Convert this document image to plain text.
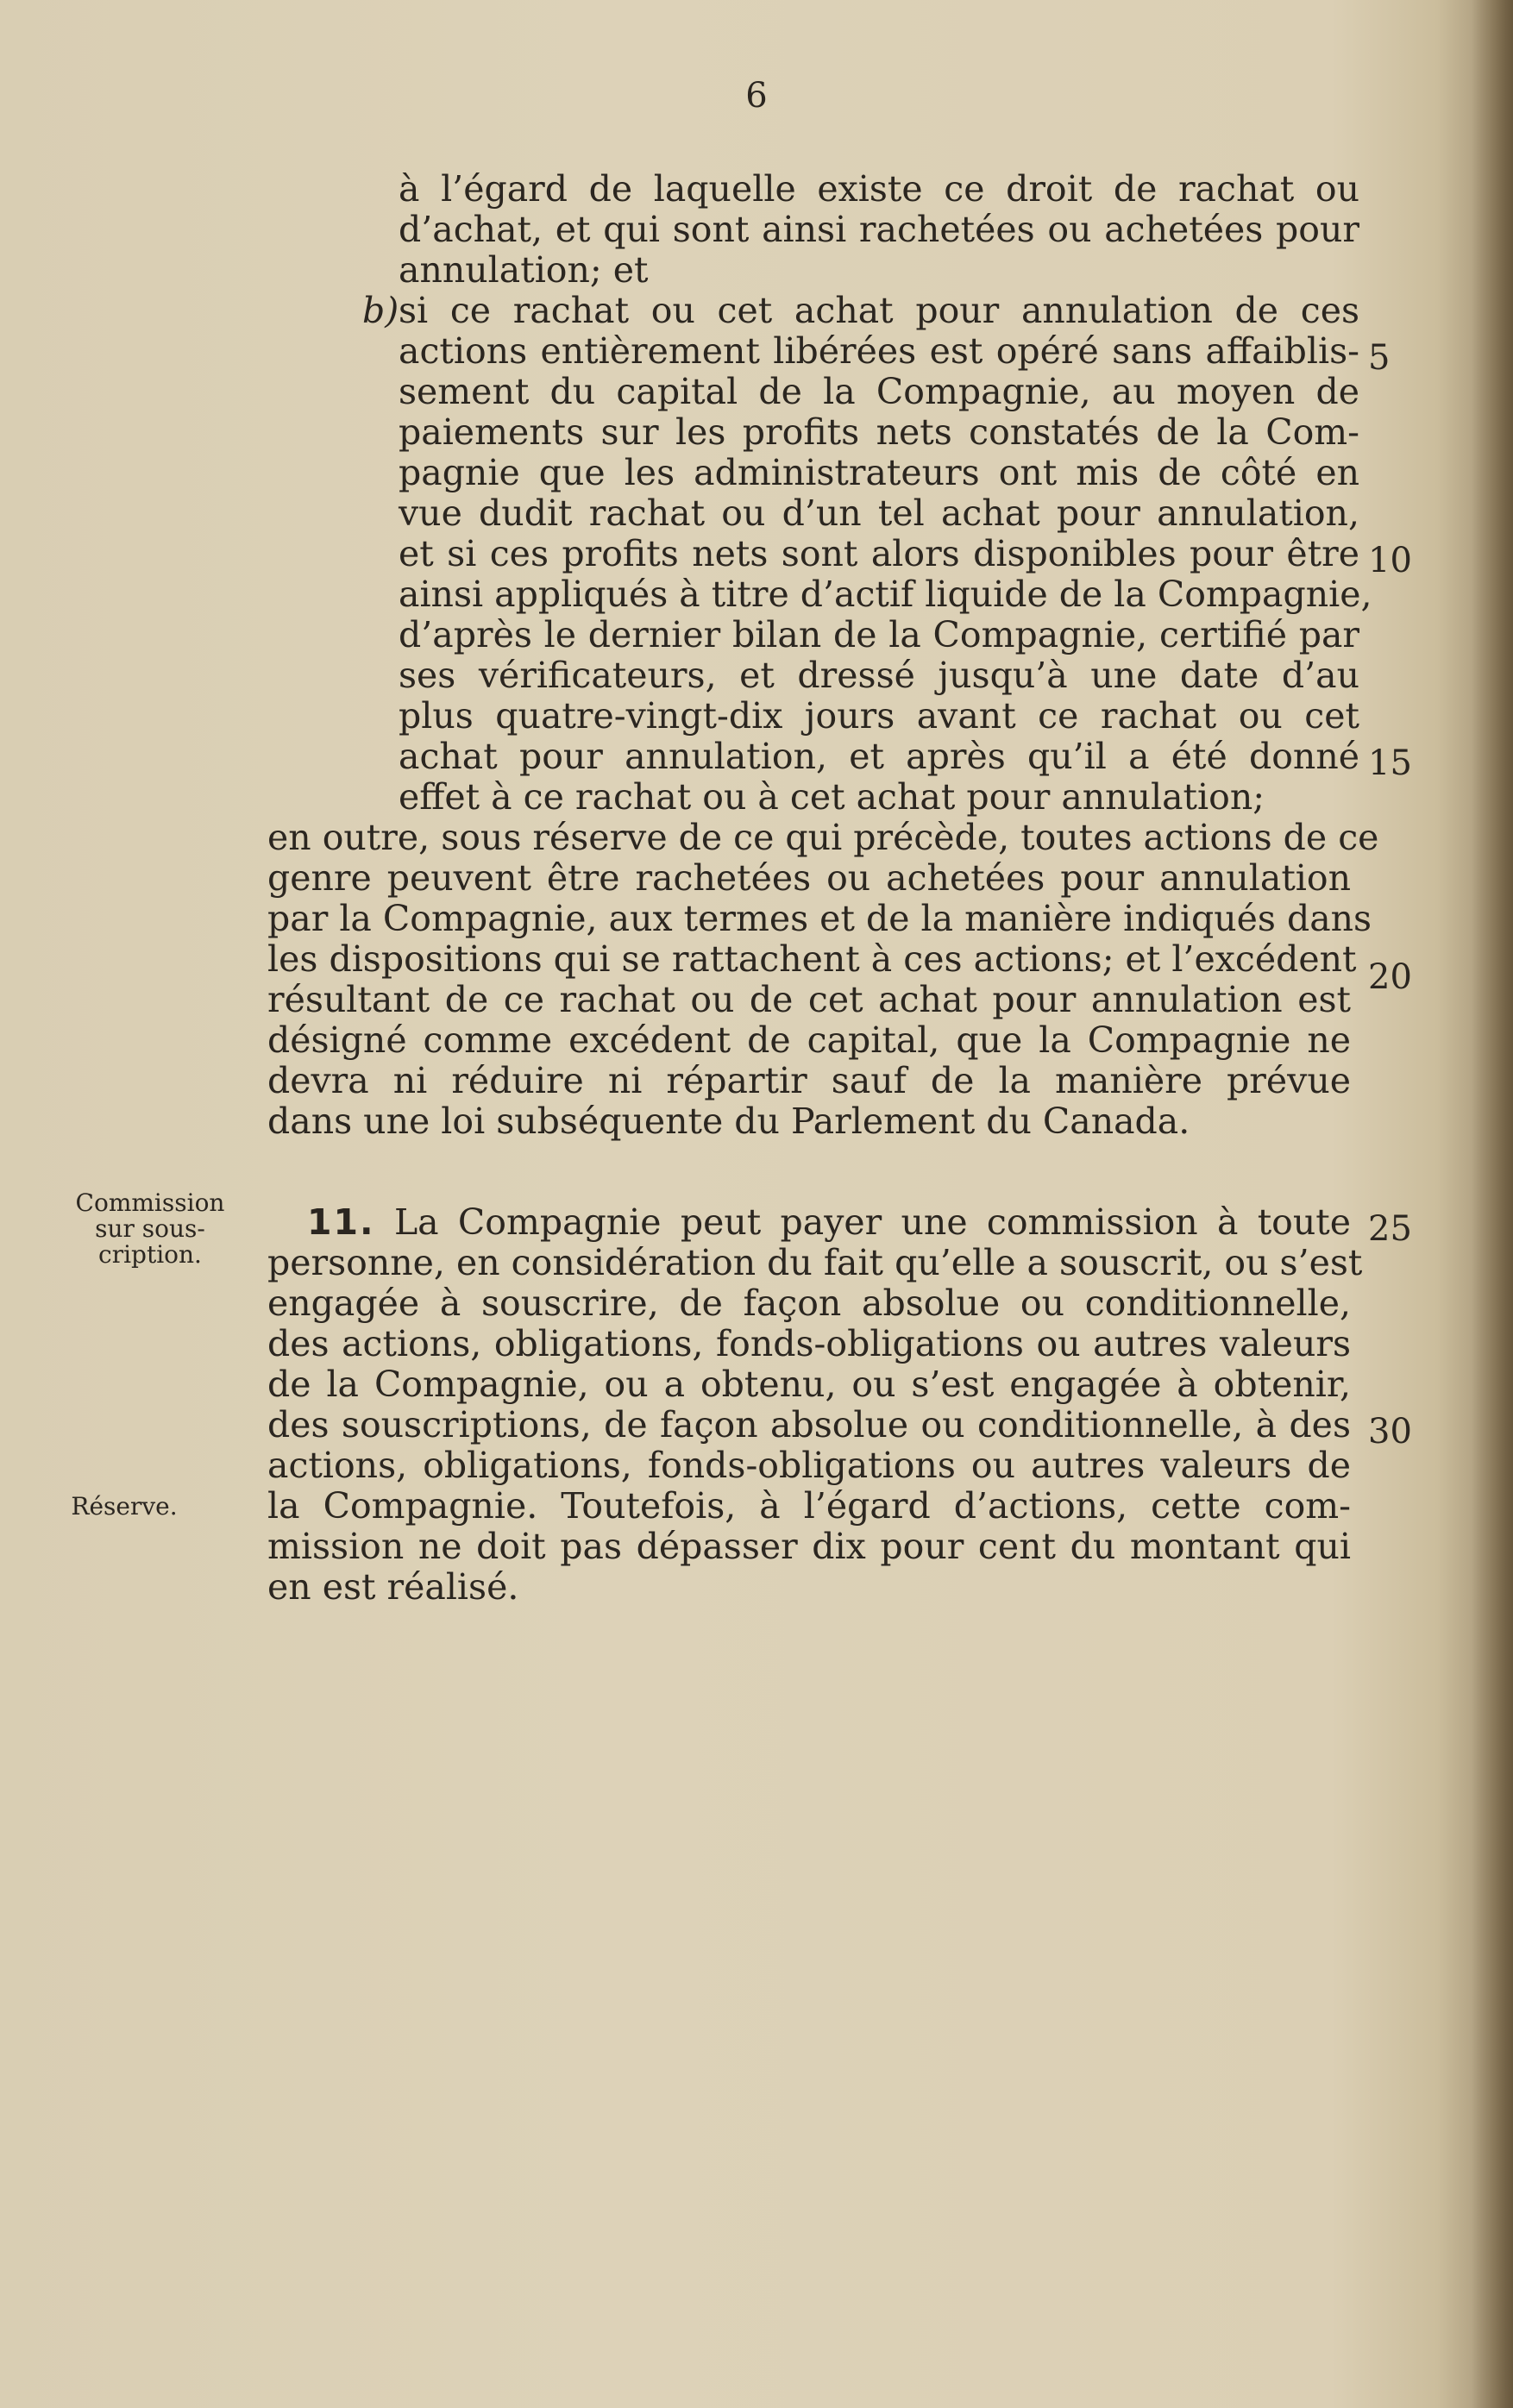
6
à l’égard de laquelle existe ce droit de rachat ou
d’achat, et qui sont ainsi rachetées ou achetées pour
annulation; et
b) si ce rachat ou cet achat pour annulation de ces
actions entièrement libérées est opéré sans affaiblis-
sement du capital de la Compagnie, au moyen de
paiements sur les profits nets constatés de la Com-
pagnie que les administrateurs ont mis de côté en
vue dudit rachat ou d’un tel achat pour annulation,
et si ces profits nets sont alors disponibles pour être
ainsi appliqués à titre d’actif liquide de la Compagnie,
d’après le dernier bilan de la Compagnie, certifié par
ses vérificateurs, et dressé jusqu’à une date d’au
plus quatre-vingt-dix jours avant ce rachat ou cet
achat pour annulation, et après qu’il a été donné
effet à ce rachat ou à cet achat pour annulation;
en outre, sous réserve de ce qui précède, toutes actions de ce
genre peuvent être rachetées ou achetées pour annulation
par la Compagnie, aux termes et de la manière indiqués dans
les dispositions qui se rattachent à ces actions; et l’excédent
résultant de ce rachat ou de cet achat pour annulation est
désigné comme excédent de capital, que la Compagnie ne
devra ni réduire ni répartir sauf de la manière prévue
dans une loi subséquente du Parlement du Canada.
11. La Compagnie peut payer une commission à toute
personne, en considération du fait qu’elle a souscrit, ou s’est
engagée à souscrire, de façon absolue ou conditionnelle,
des actions, obligations, fonds-obligations ou autres valeurs
de la Compagnie, ou a obtenu, ou s’est engagée à obtenir,
des souscriptions, de façon absolue ou conditionnelle, à des
actions, obligations, fonds-obligations ou autres valeurs de
la Compagnie. Toutefois, à l’égard d’actions, cette com-
mission ne doit pas dépasser dix pour cent du montant qui
en est réalisé.
Commission
sur sous-
cription.
Réserve.
5
10
15
20
25
30
